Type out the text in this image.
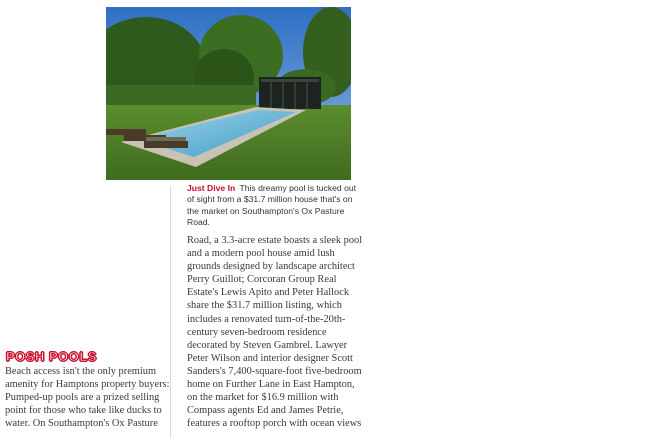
Just Dive In This dreamy pool is tucked out of sight from a $31.7 million house that's on the market on Southampton's Ox Pasture Road.

Road, a 3.3-acre estate boasts a sleek pool and a modern pool house amid lush grounds designed by landscape architect Perry Guillot; Corcoran Group Real Estate's Lewis Apito and Peter Hallock share the $31.7 million listing, which includes a renovated turn-of-the-20th-century seven-bedroom residence decorated by Steven Gambrel. Lawyer Peter Wilson and interior designer Scott Sanders's 7,400-square-foot five-bedroom home on Further Lane in East Hampton, on the market for $16.9 million with Compass agents Ed and James Petrie, features a rooftop porch with ocean views

POSH POOLS

Beach access isn't the only premium amenity for Hamptons property buyers: Pumped-up pools are a prized selling point for those who take like ducks to water. On Southampton's Ox Pasture
